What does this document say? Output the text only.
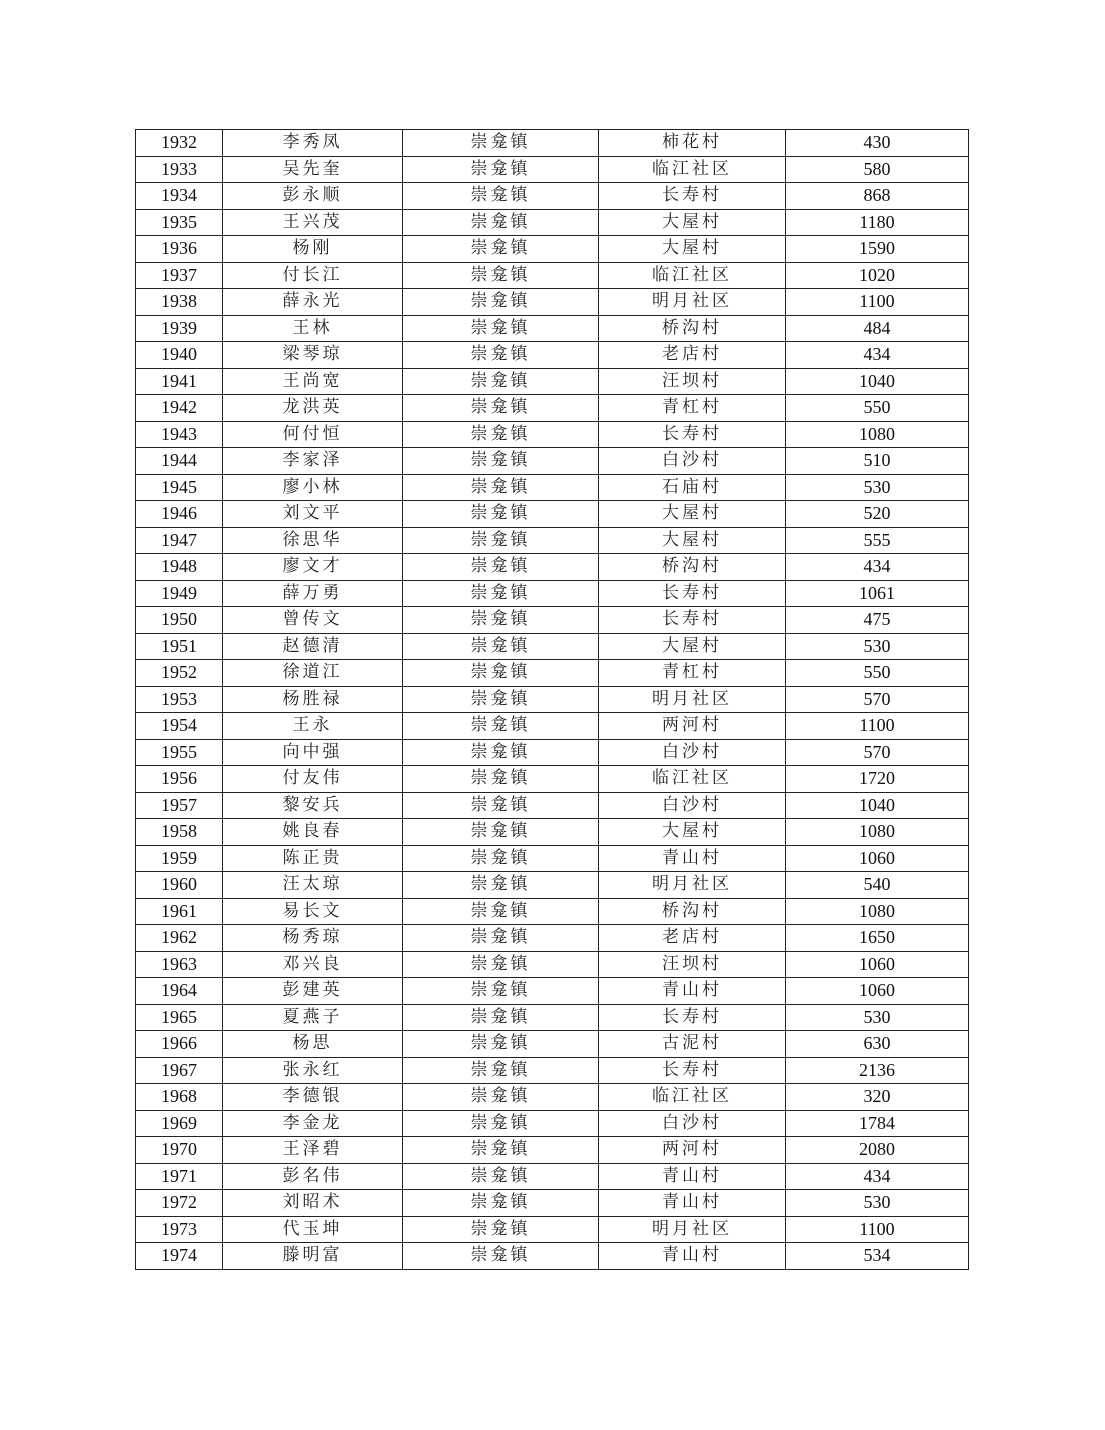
1932	李秀凤	崇龛镇	柿花村	430
1933	吴先奎	崇龛镇	临江社区	580
1934	彭永顺	崇龛镇	长寿村	868
1935	王兴茂	崇龛镇	大屋村	1180
1936	杨刚	崇龛镇	大屋村	1590
1937	付长江	崇龛镇	临江社区	1020
1938	薛永光	崇龛镇	明月社区	1100
1939	王林	崇龛镇	桥沟村	484
1940	梁琴琼	崇龛镇	老店村	434
1941	王尚宽	崇龛镇	汪坝村	1040
1942	龙洪英	崇龛镇	青杠村	550
1943	何付恒	崇龛镇	长寿村	1080
1944	李家泽	崇龛镇	白沙村	510
1945	廖小林	崇龛镇	石庙村	530
1946	刘文平	崇龛镇	大屋村	520
1947	徐思华	崇龛镇	大屋村	555
1948	廖文才	崇龛镇	桥沟村	434
1949	薛万勇	崇龛镇	长寿村	1061
1950	曾传文	崇龛镇	长寿村	475
1951	赵德清	崇龛镇	大屋村	530
1952	徐道江	崇龛镇	青杠村	550
1953	杨胜禄	崇龛镇	明月社区	570
1954	王永	崇龛镇	两河村	1100
1955	向中强	崇龛镇	白沙村	570
1956	付友伟	崇龛镇	临江社区	1720
1957	黎安兵	崇龛镇	白沙村	1040
1958	姚良春	崇龛镇	大屋村	1080
1959	陈正贵	崇龛镇	青山村	1060
1960	汪太琼	崇龛镇	明月社区	540
1961	易长文	崇龛镇	桥沟村	1080
1962	杨秀琼	崇龛镇	老店村	1650
1963	邓兴良	崇龛镇	汪坝村	1060
1964	彭建英	崇龛镇	青山村	1060
1965	夏燕子	崇龛镇	长寿村	530
1966	杨思	崇龛镇	古泥村	630
1967	张永红	崇龛镇	长寿村	2136
1968	李德银	崇龛镇	临江社区	320
1969	李金龙	崇龛镇	白沙村	1784
1970	王泽碧	崇龛镇	两河村	2080
1971	彭名伟	崇龛镇	青山村	434
1972	刘昭术	崇龛镇	青山村	530
1973	代玉坤	崇龛镇	明月社区	1100
1974	滕明富	崇龛镇	青山村	534
